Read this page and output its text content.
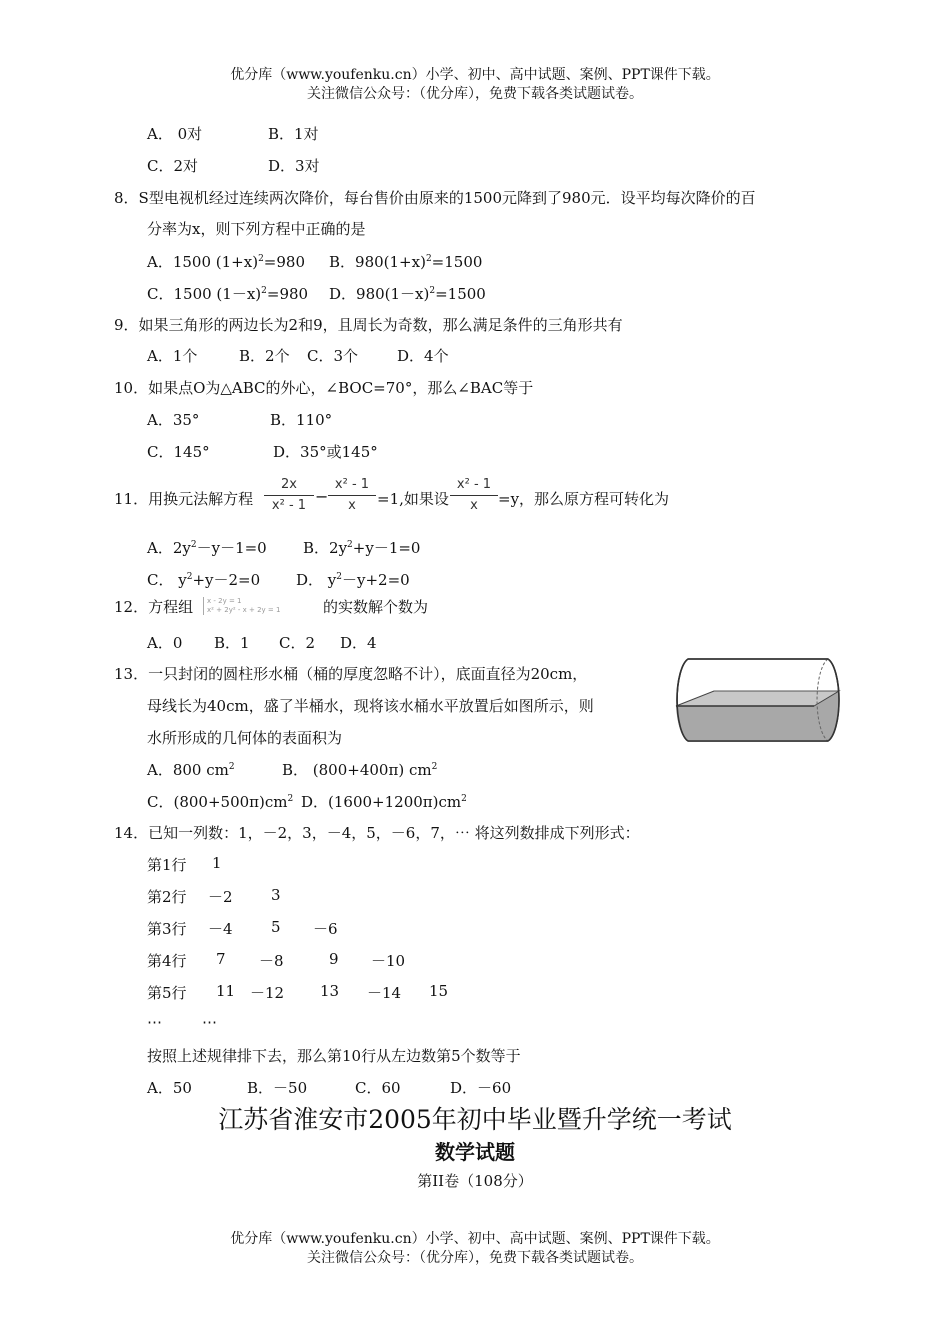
优分库（www.youfenku.cn）小学、初中、高中试题、案例、PPT课件下载。
关注微信公众号：（优分库），免费下载各类试题试卷。
A． 0对	B．1对
C．2对	D．3对
8．S型电视机经过连续两次降价，每台售价由原来的1500元降到了980元．设平均每次降价的百
分率为x，则下列方程中正确的是
A．1500 $(1+x)^2=980$ B．$980(1+x)^2=1500$
C．1500 $(1-x)^2=980$ D．$980(1-x)^2=1500$
9．如果三角形的两边长为2和9，且周长为奇数，那么满足条件的三角形共有
A．1个	B．2个 C．3个	D．4个
10．如果点O为△ABC的外心，∠BOC=70°，那么∠BAC等于
A．35°	B．110°
C．145°	D．35°或145°
11．用换元法解方程
2x
x² - 1 −
x² - 1
x	=1,如果设
x² - 1
x	=y，那么原方程可转化为
A．$2y^2-y-1=0$ B．$2y^2+y-1=0$
C． $y^2+y-2=0$ D． $y^2-y+2=0$
12．方程组 x - 2y = 1
x² + 2y² - x + 2y = 1	的实数解个数为
A．0 B．1 C．2 D．4
13．一只封闭的圆柱形水桶（桶的厚度忽略不计），底面直径为20cm，
母线长为40cm，盛了半桶水，现将该水桶水平放置后如图所示，则
水所形成的几何体的表面积为
A．800 $cm^2$	B． (800+400π) $cm^2$
C．$(800+500\pi)cm^2$ D．$(1600+1200\pi)cm^2$
14．已知一列数：1，－2，3，－4，5，－6，7，⋯ 将这列数排成下列形式：
第1行 1
第2行 －2	3
第3行 －4	5 －6
第4行 7 －8	9 －10
第5行 11 －12 13 －14 15
⋯	⋯
按照上述规律排下去，那么第10行从左边数第5个数等于
A．50	B．－50	C．60	D．－60
江苏省淮安市2005年初中毕业暨升学统一考试
数学试题
第II卷（108分）
优分库（www.youfenku.cn）小学、初中、高中试题、案例、PPT课件下载。
关注微信公众号：（优分库），免费下载各类试题试卷。
